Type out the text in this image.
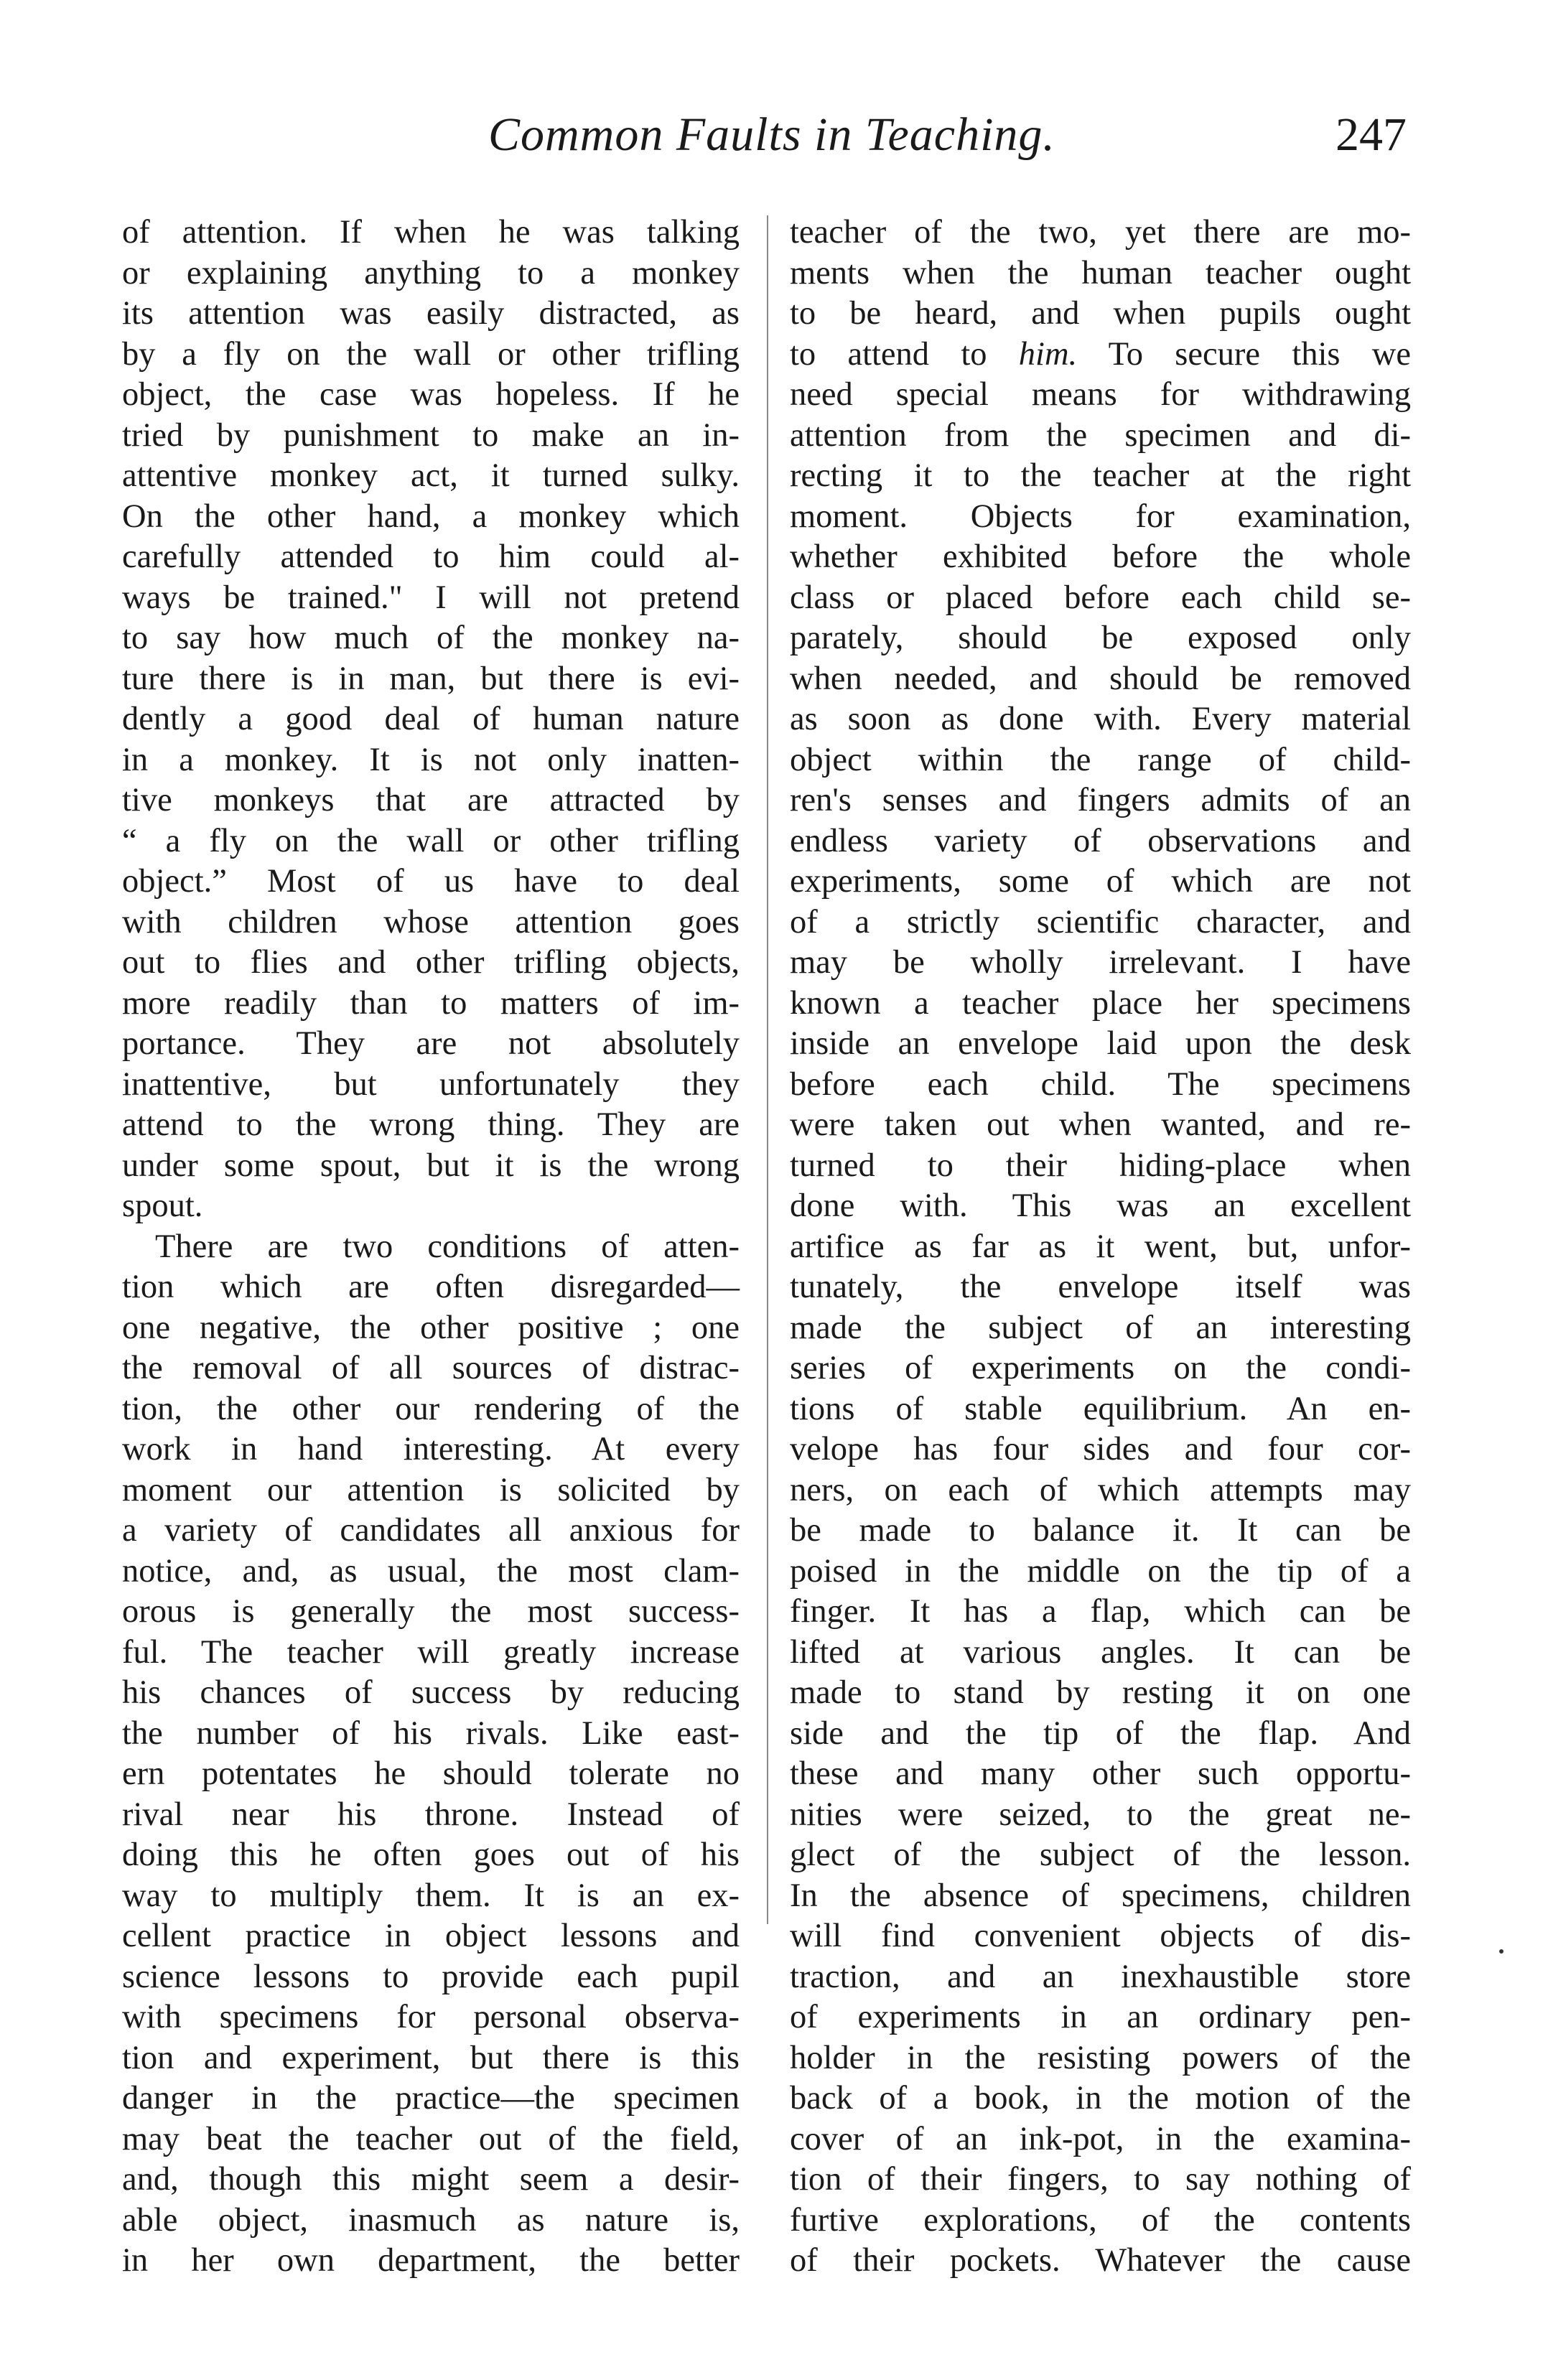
Common Faults in Teaching.	247

of attention. If when he was talking

or explaining anything to a monkey

its attention was easily distracted, as

by a fly on the wall or other trifling

object, the case was hopeless. If he

tried by punishment to make an in-

attentive monkey act, it turned sulky.

On the other hand, a monkey which

carefully attended to him could al-

ways be trained." I will not pretend

to say how much of the monkey na-

ture there is in man, but there is evi-

dently a good deal of human nature

in a monkey. It is not only inatten-

tive monkeys that are attracted by

“ a fly on the wall or other trifling

object.” Most of us have to deal

with children whose attention goes

out to flies and other trifling objects,

more readily than to matters of im-

portance. They are not absolutely

inattentive, but unfortunately they

attend to the wrong thing. They are

under some spout, but it is the wrong

spout.

There are two conditions of atten-

tion which are often disregarded—

one negative, the other positive ; one

the removal of all sources of distrac-

tion, the other our rendering of the

work in hand interesting. At every

moment our attention is solicited by

a variety of candidates all anxious for

notice, and, as usual, the most clam-

orous is generally the most success-

ful. The teacher will greatly increase

his chances of success by reducing

the number of his rivals. Like east-

ern potentates he should tolerate no

rival near his throne. Instead of

doing this he often goes out of his

way to multiply them. It is an ex-

cellent practice in object lessons and

science lessons to provide each pupil

with specimens for personal observa-

tion and experiment, but there is this

danger in the practice—the specimen

may beat the teacher out of the field,

and, though this might seem a desir-

able object, inasmuch as nature is,

in her own department, the better

teacher of the two, yet there are mo-

ments when the human teacher ought

to be heard, and when pupils ought

to attend to him. To secure this we

need special means for withdrawing

attention from the specimen and di-

recting it to the teacher at the right

moment. Objects for examination,

whether exhibited before the whole

class or placed before each child se-

parately, should be exposed only

when needed, and should be removed

as soon as done with. Every material

object within the range of child-

ren's senses and fingers admits of an

endless variety of observations and

experiments, some of which are not

of a strictly scientific character, and

may be wholly irrelevant. I have

known a teacher place her specimens

inside an envelope laid upon the desk

before each child. The specimens

were taken out when wanted, and re-

turned to their hiding-place when

done with. This was an excellent

artifice as far as it went, but, unfor-

tunately, the envelope itself was

made the subject of an interesting

series of experiments on the condi-

tions of stable equilibrium. An en-

velope has four sides and four cor-

ners, on each of which attempts may

be made to balance it. It can be

poised in the middle on the tip of a

finger. It has a flap, which can be

lifted at various angles. It can be

made to stand by resting it on one

side and the tip of the flap. And

these and many other such opportu-

nities were seized, to the great ne-

glect of the subject of the lesson.

In the absence of specimens, children

will find convenient objects of dis-

traction, and an inexhaustible store

of experiments in an ordinary pen-

holder in the resisting powers of the

back of a book, in the motion of the

cover of an ink-pot, in the examina-

tion of their fingers, to say nothing of

furtive explorations, of the contents

of their pockets. Whatever the cause
